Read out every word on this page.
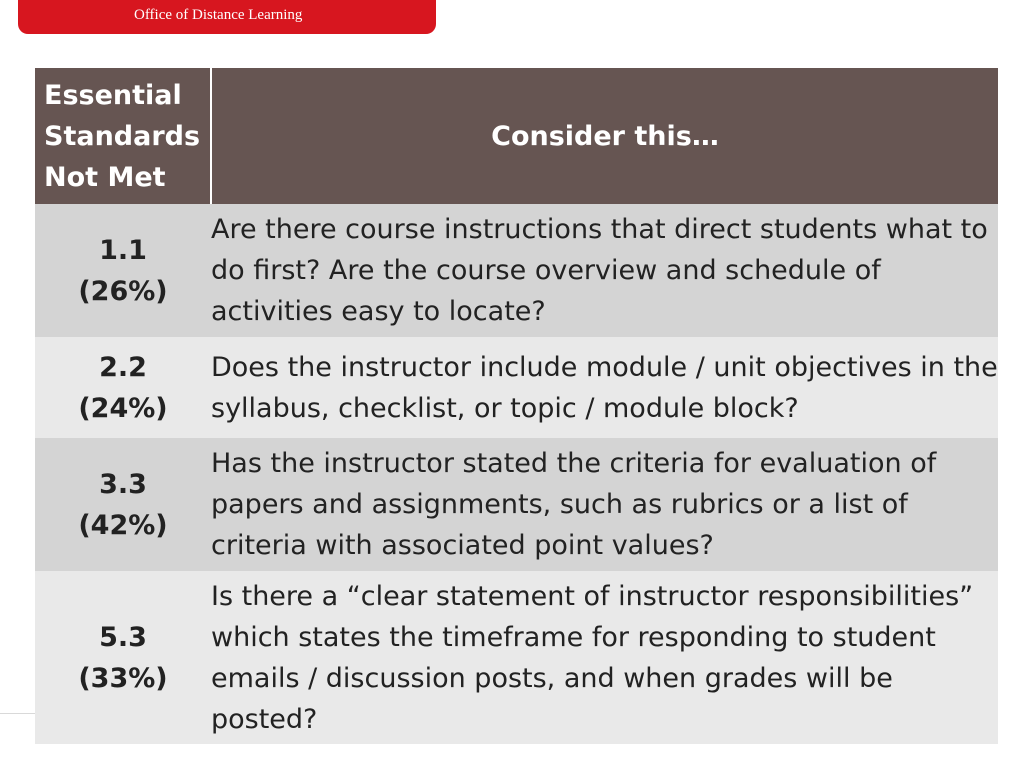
Office of Distance Learning
Essential
Standards
Not Met	Consider this…

1.1
(26%)	Are there course instructions that direct students what to do first? Are the course overview and schedule of activities easy to locate?

2.2
(24%)	Does the instructor include module / unit objectives in the syllabus, checklist, or topic / module block?

3.3
(42%)	Has the instructor stated the criteria for evaluation of papers and assignments, such as rubrics or a list of criteria with associated point values?

5.3
(33%)	Is there a “clear statement of instructor responsibilities” which states the timeframe for responding to student emails / discussion posts, and when grades will be posted?
